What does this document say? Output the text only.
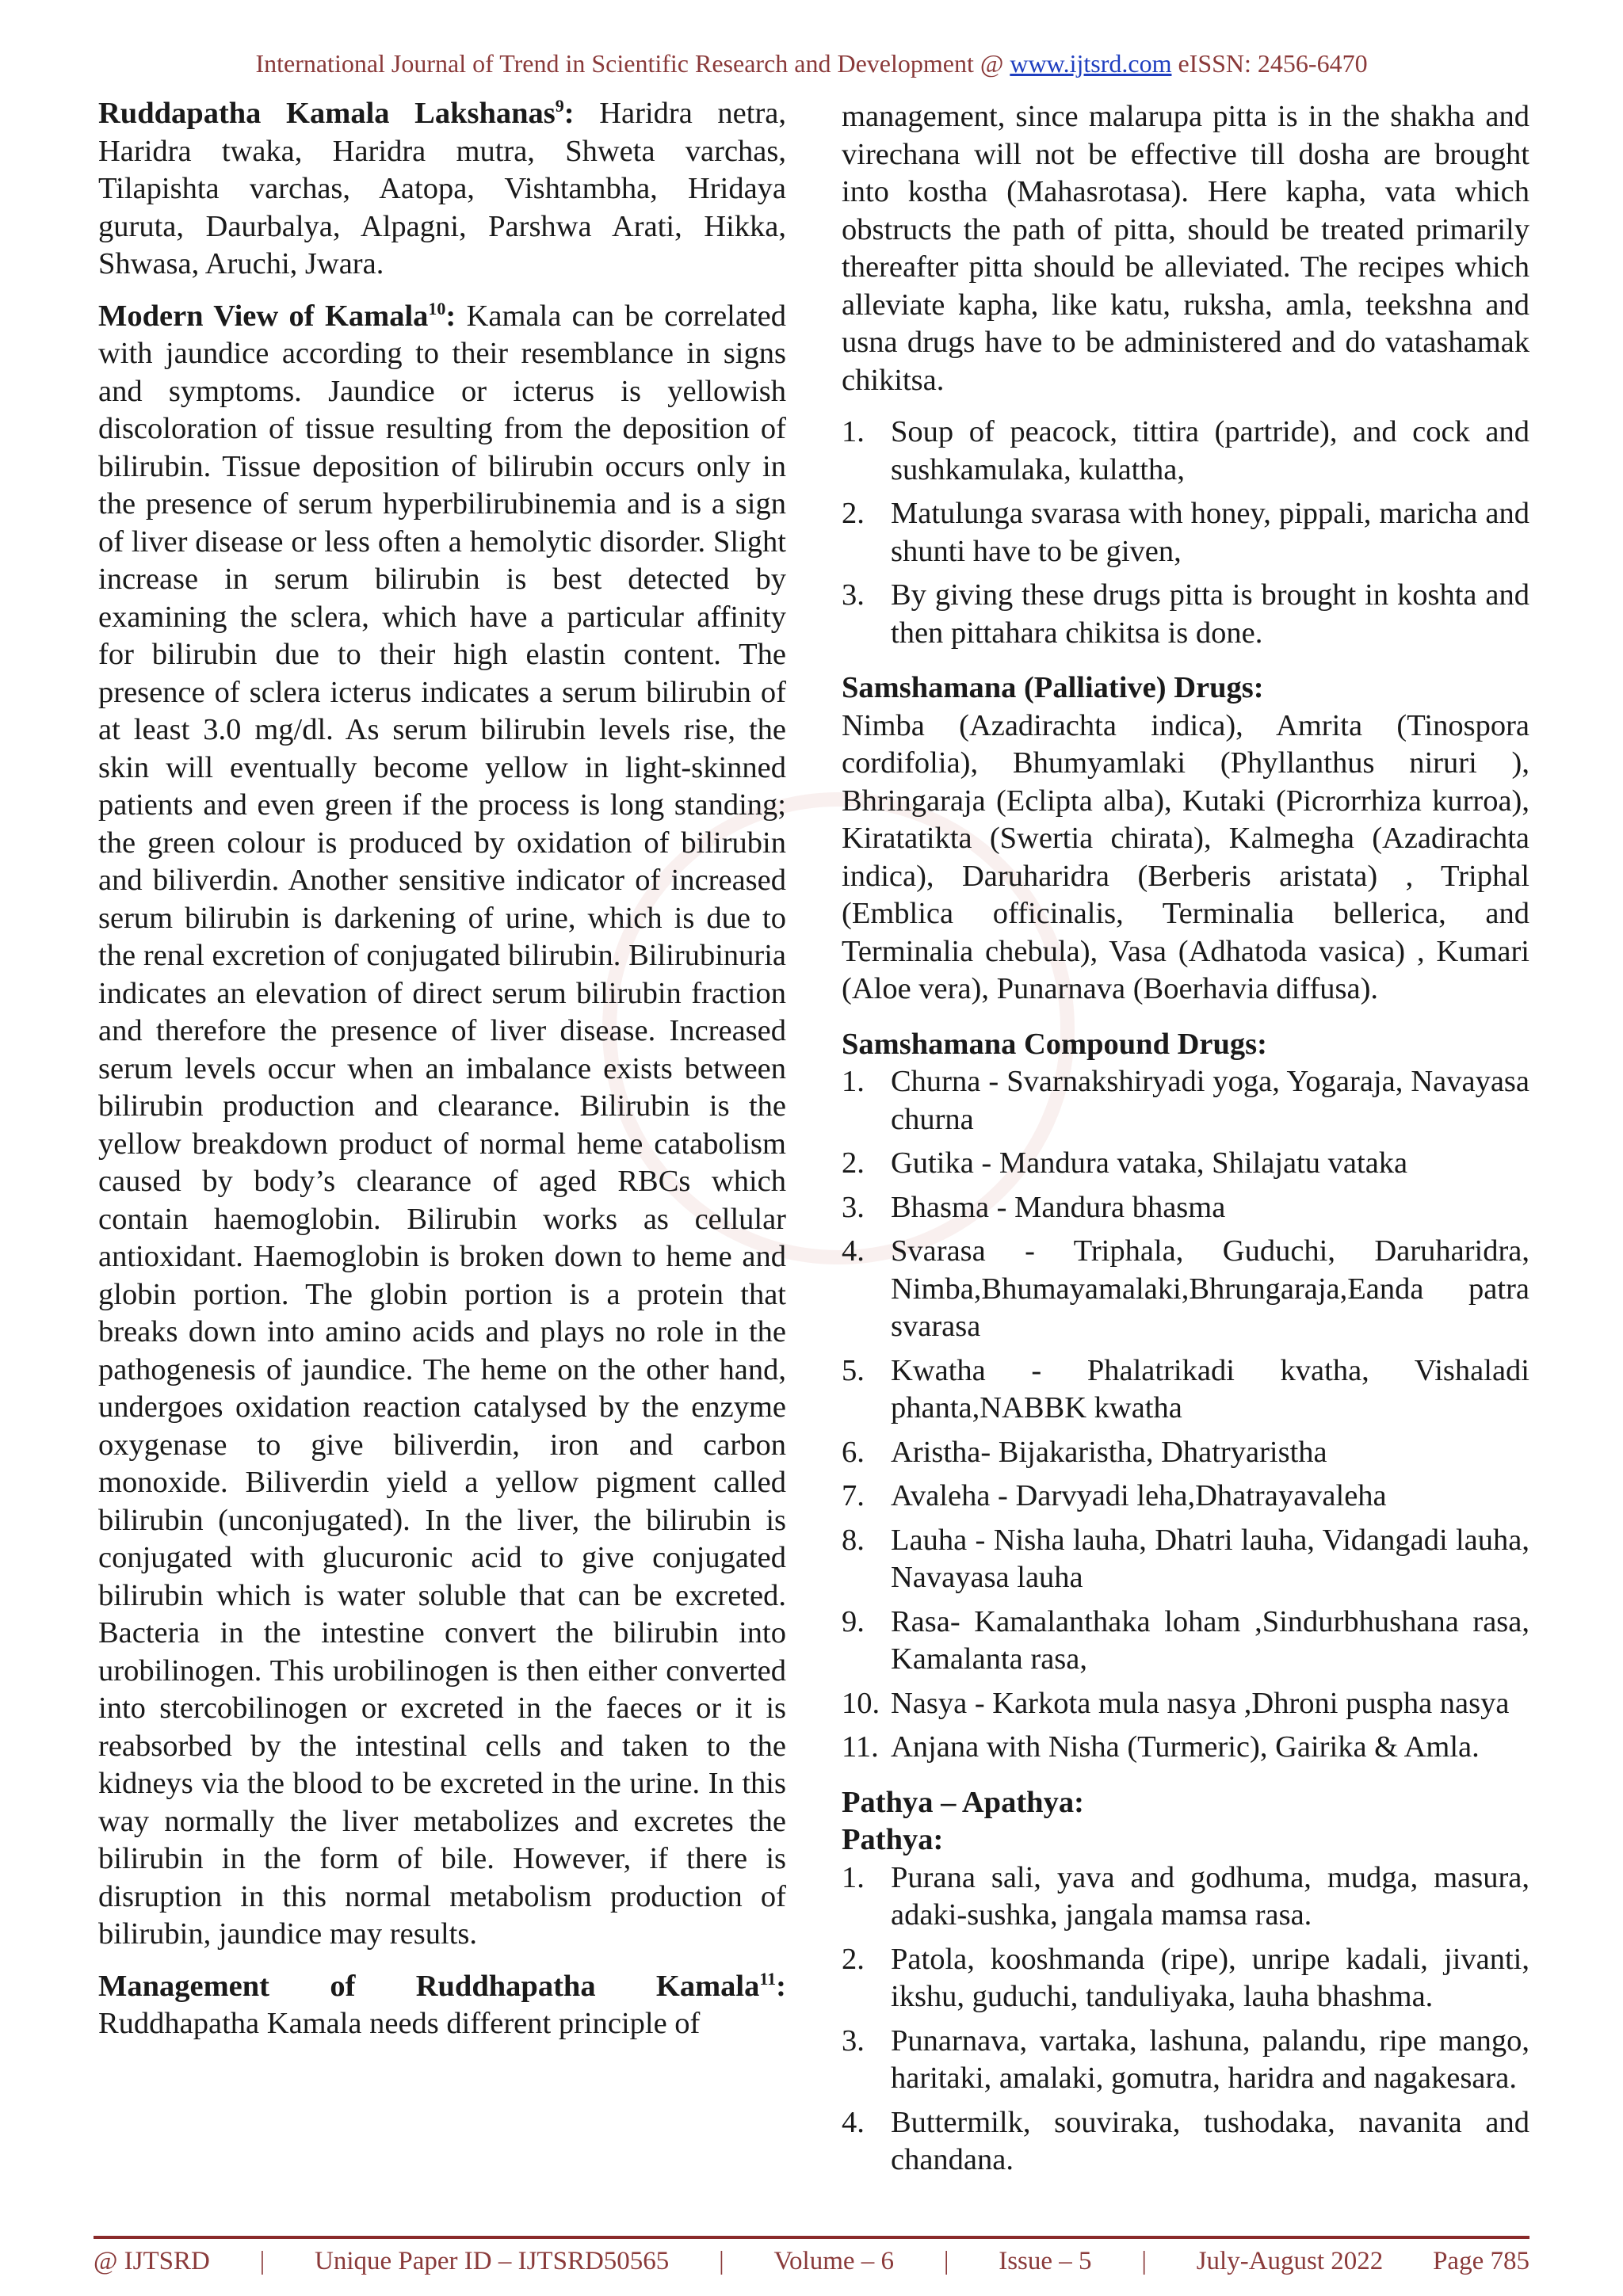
International Journal of Trend in Scientific Research and Development @ www.ijtsrd.com eISSN: 2456-6470

Ruddapatha Kamala Lakshanas$^9$: Haridra netra, Haridra twaka, Haridra mutra, Shweta varchas, Tilapishta varchas, Aatopa, Vishtambha, Hridaya guruta, Daurbalya, Alpagni, Parshwa Arati, Hikka, Shwasa, Aruchi, Jwara.

Modern View of Kamala$^{10}$: Kamala can be correlated with jaundice according to their resemblance in signs and symptoms. Jaundice or icterus is yellowish discoloration of tissue resulting from the deposition of bilirubin. Tissue deposition of bilirubin occurs only in the presence of serum hyperbilirubinemia and is a sign of liver disease or less often a hemolytic disorder. Slight increase in serum bilirubin is best detected by examining the sclera, which have a particular affinity for bilirubin due to their high elastin content. The presence of sclera icterus indicates a serum bilirubin of at least 3.0 mg/dl. As serum bilirubin levels rise, the skin will eventually become yellow in light-skinned patients and even green if the process is long standing; the green colour is produced by oxidation of bilirubin and biliverdin. Another sensitive indicator of increased serum bilirubin is darkening of urine, which is due to the renal excretion of conjugated bilirubin. Bilirubinuria indicates an elevation of direct serum bilirubin fraction and therefore the presence of liver disease. Increased serum levels occur when an imbalance exists between bilirubin production and clearance. Bilirubin is the yellow breakdown product of normal heme catabolism caused by body’s clearance of aged RBCs which contain haemoglobin. Bilirubin works as cellular antioxidant. Haemoglobin is broken down to heme and globin portion. The globin portion is a protein that breaks down into amino acids and plays no role in the pathogenesis of jaundice. The heme on the other hand, undergoes oxidation reaction catalysed by the enzyme oxygenase to give biliverdin, iron and carbon monoxide. Biliverdin yield a yellow pigment called bilirubin (unconjugated). In the liver, the bilirubin is conjugated with glucuronic acid to give conjugated bilirubin which is water soluble that can be excreted. Bacteria in the intestine convert the bilirubin into urobilinogen. This urobilinogen is then either converted into stercobilinogen or excreted in the faeces or it is reabsorbed by the intestinal cells and taken to the kidneys via the blood to be excreted in the urine. In this way normally the liver metabolizes and excretes the bilirubin in the form of bile. However, if there is disruption in this normal metabolism production of bilirubin, jaundice may results.

Management of Ruddhapatha Kamala$^{11}$: Ruddhapatha Kamala needs different principle of

management, since malarupa pitta is in the shakha and virechana will not be effective till dosha are brought into kostha (Mahasrotasa). Here kapha, vata which obstructs the path of pitta, should be treated primarily thereafter pitta should be alleviated. The recipes which alleviate kapha, like katu, ruksha, amla, teekshna and usna drugs have to be administered and do vatashamak chikitsa.

1. Soup of peacock, tittira (partride), and cock and sushkamulaka, kulattha,
2. Matulunga svarasa with honey, pippali, maricha and shunti have to be given,
3. By giving these drugs pitta is brought in koshta and then pittahara chikitsa is done.
Samshamana (Palliative) Drugs:

Nimba (Azadirachta indica), Amrita (Tinospora cordifolia), Bhumyamlaki (Phyllanthus niruri ), Bhringaraja (Eclipta alba), Kutaki (Picrorrhiza kurroa), Kiratatikta (Swertia chirata), Kalmegha (Azadirachta indica), Daruharidra (Berberis aristata) , Triphal (Emblica officinalis, Terminalia bellerica, and Terminalia chebula), Vasa (Adhatoda vasica) , Kumari (Aloe vera), Punarnava (Boerhavia diffusa).

Samshamana Compound Drugs:
1. Churna - Svarnakshiryadi yoga, Yogaraja, Navayasa churna
2. Gutika - Mandura vataka, Shilajatu vataka
3. Bhasma - Mandura bhasma
4. Svarasa - Triphala, Guduchi, Daruharidra, Nimba,Bhumayamalaki,Bhrungaraja,Eanda patra svarasa
5. Kwatha - Phalatrikadi kvatha, Vishaladi phanta,NABBK kwatha
6. Aristha- Bijakaristha, Dhatryaristha
7. Avaleha - Darvyadi leha,Dhatrayavaleha
8. Lauha - Nisha lauha, Dhatri lauha, Vidangadi lauha, Navayasa lauha
9. Rasa- Kamalanthaka loham ,Sindurbhushana rasa, Kamalanta rasa,
10. Nasya - Karkota mula nasya ,Dhroni puspha nasya
11. Anjana with Nisha (Turmeric), Gairika & Amla.
Pathya – Apathya:
Pathya:
1. Purana sali, yava and godhuma, mudga, masura, adaki-sushka, jangala mamsa rasa.
2. Patola, kooshmanda (ripe), unripe kadali, jivanti, ikshu, guduchi, tanduliyaka, lauha bhashma.
3. Punarnava, vartaka, lashuna, palandu, ripe mango, haritaki, amalaki, gomutra, haridra and nagakesara.
4. Buttermilk, souviraka, tushodaka, navanita and chandana.
@ IJTSRD | Unique Paper ID – IJTSRD50565 | Volume – 6 | Issue – 5 | July-August 2022 Page 785
